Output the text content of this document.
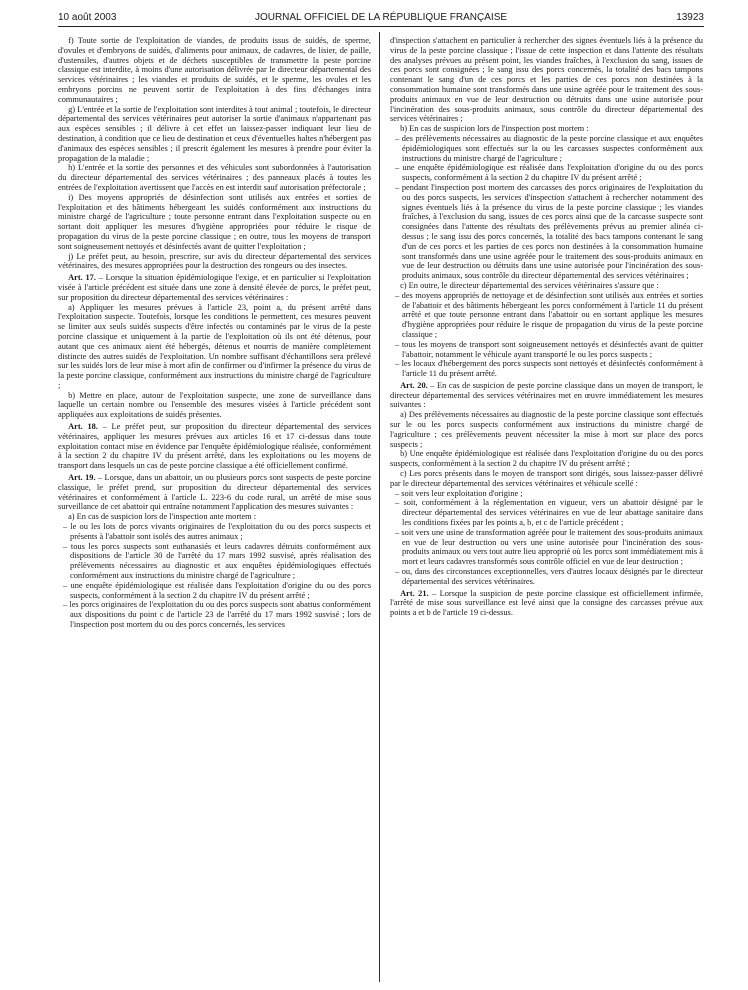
10 août 2003	JOURNAL OFFICIEL DE LA RÉPUBLIQUE FRANÇAISE	13923

f) Toute sortie de l'exploitation de viandes, de produits issus de suidés, de sperme, d'ovules et d'embryons de suidés, d'aliments pour animaux, de cadavres, de lisier, de paille, d'ustensiles, d'autres objets et de déchets susceptibles de transmettre la peste porcine classique est interdite, à moins d'une autorisation délivrée par le directeur départemental des services vétérinaires ; les viandes et produits de suidés, et le sperme, les ovules et les embryons porcins ne peuvent sortir de l'exploitation à des fins d'échanges intra communautaires ;

g) L'entrée et la sortie de l'exploitation sont interdites à tout animal ; toutefois, le directeur départemental des services vétérinaires peut autoriser la sortie d'animaux n'appartenant pas aux espèces sensibles ; il délivre à cet effet un laissez-passer indiquant leur lieu de destination, à condition que ce lieu de destination et ceux d'éventuelles haltes n'hébergent pas d'animaux des espèces sensibles ; il prescrit également les mesures à prendre pour éviter la propagation de la maladie ;

h) L'entrée et la sortie des personnes et des véhicules sont subordonnées à l'autorisation du directeur départemental des services vétérinaires ; des panneaux placés à toutes les entrées de l'exploitation avertissent que l'accès en est interdit sauf autorisation préfectorale ;

i) Des moyens appropriés de désinfection sont utilisés aux entrées et sorties de l'exploitation et des bâtiments hébergeant les suidés conformément aux instructions du ministre chargé de l'agriculture ; toute personne entrant dans l'exploitation suspecte ou en sortant doit appliquer les mesures d'hygiène appropriées pour réduire le risque de propagation du virus de la peste porcine classique ; en outre, tous les moyens de transport sont soigneusement nettoyés et désinfectés avant de quitter l'exploitation ;

j) Le préfet peut, au besoin, prescrire, sur avis du directeur départemental des services vétérinaires, des mesures appropriées pour la destruction des rongeurs ou des insectes.

Art. 17. – Lorsque la situation épidémiologique l'exige, et en particulier si l'exploitation visée à l'article précédent est située dans une zone à densité élevée de porcs, le préfet peut, sur proposition du directeur départemental des services vétérinaires :

a) Appliquer les mesures prévues à l'article 23, point a, du présent arrêté dans l'exploitation suspecte. Toutefois, lorsque les conditions le permettent, ces mesures peuvent se limiter aux seuls suidés suspects d'être infectés ou contaminés par le virus de la peste porcine classique et uniquement à la partie de l'exploitation où ils ont été détenus, pour autant que ces animaux aient été hébergés, détenus et nourris de manière complètement distincte des autres suidés de l'exploitation. Un nombre suffisant d'échantillons sera prélevé sur les suidés lors de leur mise à mort afin de confirmer ou d'infirmer la présence du virus de la peste porcine classique, conformément aux instructions du ministre chargé de l'agriculture ;

b) Mettre en place, autour de l'exploitation suspecte, une zone de surveillance dans laquelle un certain nombre ou l'ensemble des mesures visées à l'article précédent sont appliquées aux exploitations de suidés présentes.

Art. 18. – Le préfet peut, sur proposition du directeur départemental des services vétérinaires, appliquer les mesures prévues aux articles 16 et 17 ci-dessus dans toute exploitation contact mise en évidence par l'enquête épidémiologique réalisée, conformément à la section 2 du chapitre IV du présent arrêté, dans les exploitations ou les moyens de transport dans lesquels un cas de peste porcine classique a été officiellement confirmé.

Art. 19. – Lorsque, dans un abattoir, un ou plusieurs porcs sont suspects de peste porcine classique, le préfet prend, sur proposition du directeur départemental des services vétérinaires et conformément à l'article L. 223-6 du code rural, un arrêté de mise sous surveillance de cet abattoir qui entraîne notamment l'application des mesures suivantes :

a) En cas de suspicion lors de l'inspection ante mortem :

– le ou les lots de porcs vivants originaires de l'exploitation du ou des porcs suspects et présents à l'abattoir sont isolés des autres animaux ;
– tous les porcs suspects sont euthanasiés et leurs cadavres détruits conformément aux dispositions de l'article 30 de l'arrêté du 17 mars 1992 susvisé, après réalisation des prélèvements nécessaires au diagnostic et aux enquêtes épidémiologiques effectués conformément aux instructions du ministre chargé de l'agriculture ;
– une enquête épidémiologique est réalisée dans l'exploitation d'origine du ou des porcs suspects, conformément à la section 2 du chapitre IV du présent arrêté ;
– les porcs originaires de l'exploitation du ou des porcs suspects sont abattus conformément aux dispositions du point c de l'article 23 de l'arrêté du 17 mars 1992 susvisé ; lors de l'inspection post mortem du ou des porcs concernés, les services

d'inspection s'attachent en particulier à rechercher des signes éventuels liés à la présence du virus de la peste porcine classique ; l'issue de cette inspection et dans l'attente des résultats des analyses prévues au présent point, les viandes fraîches, à l'exclusion du sang, issues de ces porcs sont consignées ; le sang issu des porcs concernés, la totalité des bacs tampons contenant le sang d'un de ces porcs et les parties de ces porcs non destinées à la consommation humaine sont transformés dans une usine agréée pour le traitement des sous-produits animaux en vue de leur destruction ou détruits dans une usine autorisée pour l'incinération des sous-produits animaux, sous contrôle du directeur départemental des services vétérinaires ;

b) En cas de suspicion lors de l'inspection post mortem :

– des prélèvements nécessaires au diagnostic de la peste porcine classique et aux enquêtes épidémiologiques sont effectués sur la ou les carcasses suspectes conformément aux instructions du ministre chargé de l'agriculture ;
– une enquête épidémiologique est réalisée dans l'exploitation d'origine du ou des porcs suspects, conformément à la section 2 du chapitre IV du présent arrêté ;
– pendant l'inspection post mortem des carcasses des porcs originaires de l'exploitation du ou des porcs suspects, les services d'inspection s'attachent à rechercher notamment des signes éventuels liés à la présence du virus de la peste porcine classique ; les viandes fraîches, à l'exclusion du sang, issues de ces porcs ainsi que de la carcasse suspecte sont consignées dans l'attente des résultats des prélèvements prévus au premier alinéa ci-dessus ; le sang issu des porcs concernés, la totalité des bacs tampons contenant le sang d'un de ces porcs et les parties de ces porcs non destinées à la consommation humaine sont transformés dans une usine agréée pour le traitement des sous-produits animaux en vue de leur destruction ou détruits dans une usine autorisée pour l'incinération des sous-produits animaux, sous contrôle du directeur départemental des services vétérinaires ;

c) En outre, le directeur départemental des services vétérinaires s'assure que :

– des moyens appropriés de nettoyage et de désinfection sont utilisés aux entrées et sorties de l'abattoir et des bâtiments hébergeant les porcs conformément à l'article 11 du présent arrêté et que toute personne entrant dans l'abattoir ou en sortant applique les mesures d'hygiène appropriées pour réduire le risque de propagation du virus de la peste porcine classique ;
– tous les moyens de transport sont soigneusement nettoyés et désinfectés avant de quitter l'abattoir, notamment le véhicule ayant transporté le ou les porcs suspects ;
– les locaux d'hébergement des porcs suspects sont nettoyés et désinfectés conformément à l'article 11 du présent arrêté.

Art. 20. – En cas de suspicion de peste porcine classique dans un moyen de transport, le directeur départemental des services vétérinaires met en œuvre immédiatement les mesures suivantes :

a) Des prélèvements nécessaires au diagnostic de la peste porcine classique sont effectués sur le ou les porcs suspects conformément aux instructions du ministre chargé de l'agriculture ; ces prélèvements peuvent nécessiter la mise à mort sur place des porcs suspects ;

b) Une enquête épidémiologique est réalisée dans l'exploitation d'origine du ou des porcs suspects, conformément à la section 2 du chapitre IV du présent arrêté ;

c) Les porcs présents dans le moyen de transport sont dirigés, sous laissez-passer délivré par le directeur départemental des services vétérinaires et véhicule scellé :

– soit vers leur exploitation d'origine ;
– soit, conformément à la réglementation en vigueur, vers un abattoir désigné par le directeur départemental des services vétérinaires en vue de leur abattage sanitaire dans les conditions fixées par les points a, b, et c de l'article précédent ;
– soit vers une usine de transformation agréée pour le traitement des sous-produits animaux en vue de leur destruction ou vers une usine autorisée pour l'incinération des sous-produits animaux ou vers tout autre lieu approprié où les porcs sont immédiatement mis à mort et leurs cadavres transformés sous contrôle officiel en vue de leur destruction ;
– ou, dans des circonstances exceptionnelles, vers d'autres locaux désignés par le directeur départemental des services vétérinaires.

Art. 21. – Lorsque la suspicion de peste porcine classique est officiellement infirmée, l'arrêté de mise sous surveillance est levé ainsi que la consigne des carcasses prévue aux points a et b de l'article 19 ci-dessus.
